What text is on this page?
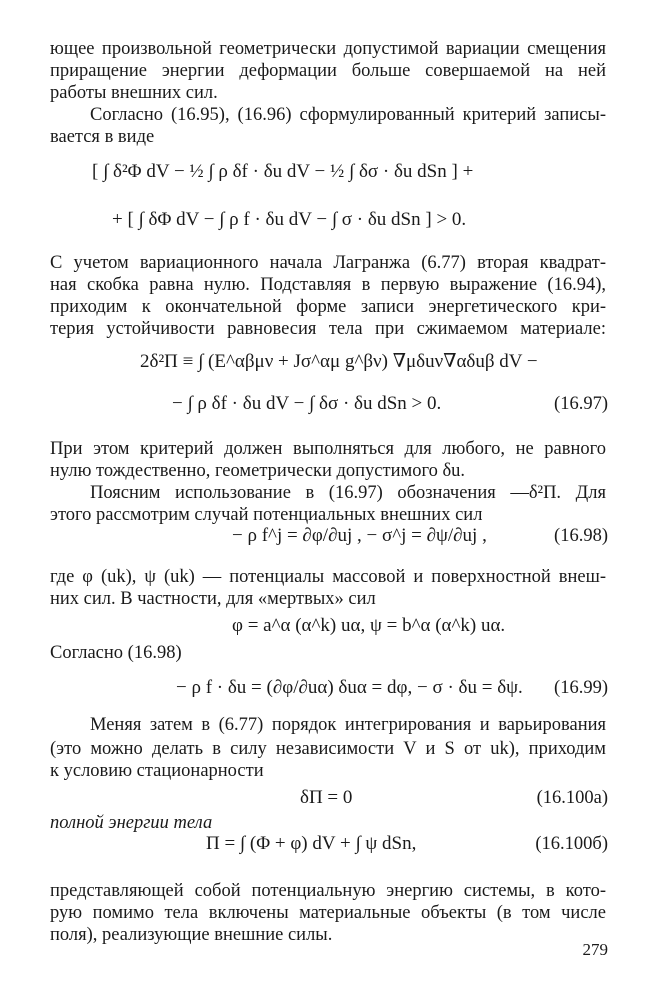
ющее произвольной геометрически допустимой вариации смещения
приращение энергии деформации больше совершаемой на ней
работы внешних сил.
Согласно (16.95), (16.96) сформулированный критерий записы-
вается в виде
[ ∫ δ²Φ dV − ½ ∫ ρ δf · δu dV − ½ ∫ δσ · δu dSn ] +
+ [ ∫ δΦ dV − ∫ ρ f · δu dV − ∫ σ · δu dSn ] > 0.
С учетом вариационного начала Лагранжа (6.77) вторая квадрат-
ная скобка равна нулю. Подставляя в первую выражение (16.94),
приходим к окончательной форме записи энергетического кри-
терия устойчивости равновесия тела при сжимаемом материале:
2δ²Π ≡ ∫ (E^αβμν + Jσ^αμ g^βν) ∇μδuν∇αδuβ dV −
− ∫ ρ δf · δu dV − ∫ δσ · δu dSn > 0.	(16.97)
При этом критерий должен выполняться для любого, не равного
нулю тождественно, геометрически допустимого δu.
Поясним использование в (16.97) обозначения —δ²Π. Для
этого рассмотрим случай потенциальных внешних сил
− ρ f^j = ∂φ/∂uj , − σ^j = ∂ψ/∂uj ,	(16.98)
где φ (uk), ψ (uk) — потенциалы массовой и поверхностной внеш-
них сил. В частности, для «мертвых» сил
φ = a^α (α^k) uα, ψ = b^α (α^k) uα.
Согласно (16.98)
− ρ f · δu = (∂φ/∂uα) δuα = dφ, − σ · δu = δψ. (16.99)
Меняя затем в (6.77) порядок интегрирования и варьирования
(это можно делать в силу независимости V и S от uk), приходим
к условию стационарности
δΠ = 0	(16.100а)
полной энергии тела
Π = ∫ (Φ + φ) dV + ∫ ψ dSn,	(16.100б)
представляющей собой потенциальную энергию системы, в кото-
рую помимо тела включены материальные объекты (в том числе
поля), реализующие внешние силы.
279
